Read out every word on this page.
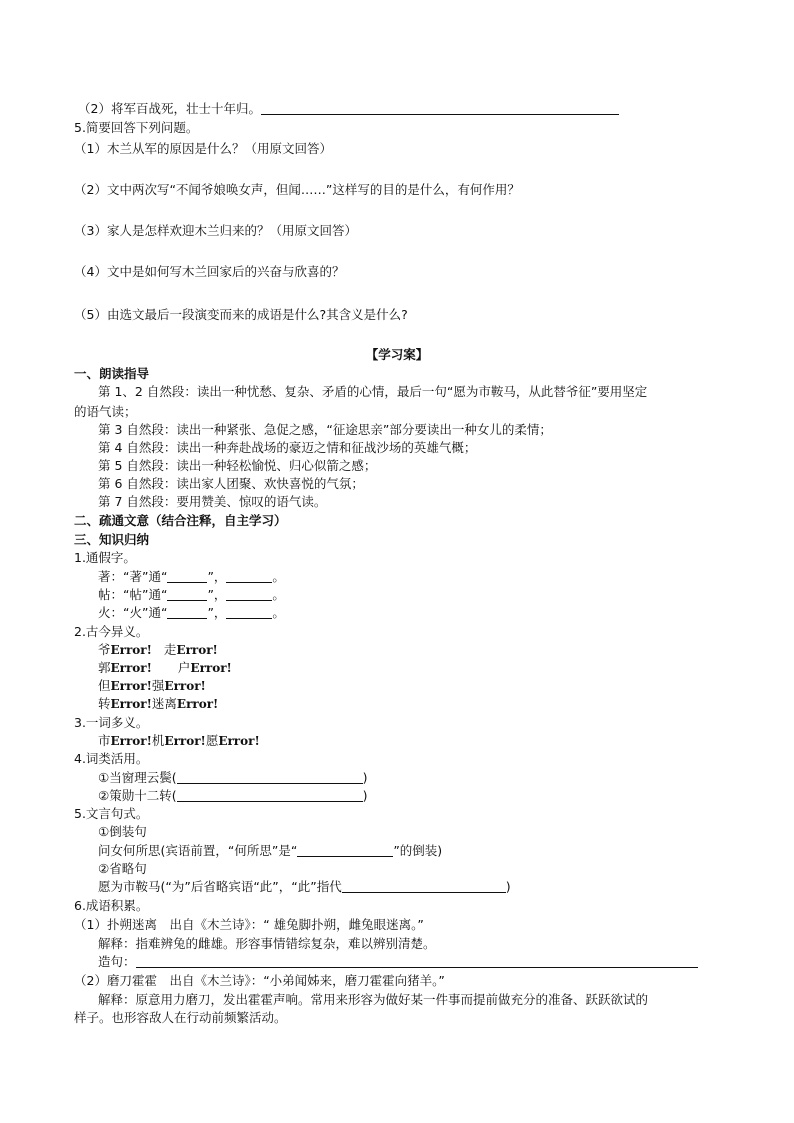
（2）将军百战死，壮士十年归。
5.简要回答下列问题。
（1）木兰从军的原因是什么？（用原文回答）
（2）文中两次写“不闻爷娘唤女声，但闻……”这样写的目的是什么，有何作用？
（3）家人是怎样欢迎木兰归来的？（用原文回答）
（4）文中是如何写木兰回家后的兴奋与欣喜的？
（5）由选文最后一段演变而来的成语是什么?其含义是什么?
【学习案】
一、朗读指导
第 1、2 自然段：读出一种忧愁、复杂、矛盾的心情，最后一句“愿为市鞍马，从此替爷征”要用坚定
的语气读；
第 3 自然段：读出一种紧张、急促之感，“征途思亲”部分要读出一种女儿的柔情；
第 4 自然段：读出一种奔赴战场的豪迈之情和征战沙场的英雄气概；
第 5 自然段：读出一种轻松愉悦、归心似箭之感；
第 6 自然段：读出家人团聚、欢快喜悦的气氛；
第 7 自然段：要用赞美、惊叹的语气读。
二、疏通文意（结合注释，自主学习）
三、知识归纳
1.通假字。
著：“著”通“	”，	。
帖：“帖”通“	”，	。
火：“火”通“	”，	。
2.古今异义。
爷Error! 走Error!
郭Error! 户Error!
但Error!强Error!
转Error!迷离Error!
3.一词多义。
市Error!机Error!愿Error!
4.词类活用。
①当窗理云鬓(	)
②策勋十二转(	)
5.文言句式。
①倒装句
问女何所思(宾语前置，“何所思”是“	”的倒装)
②省略句
愿为市鞍马(“为”后省略宾语“此”，“此”指代	)
6.成语积累。
（1）扑朔迷离　出自《木兰诗》：“ 雄兔脚扑朔，雌兔眼迷离。”
解释：指难辨兔的雌雄。形容事情错综复杂，难以辨别清楚。
造句：
（2）磨刀霍霍　出自《木兰诗》：“小弟闻姊来，磨刀霍霍向猪羊。”
解释：原意用力磨刀，发出霍霍声响。常用来形容为做好某一件事而提前做充分的准备、跃跃欲试的
样子。也形容敌人在行动前频繁活动。
